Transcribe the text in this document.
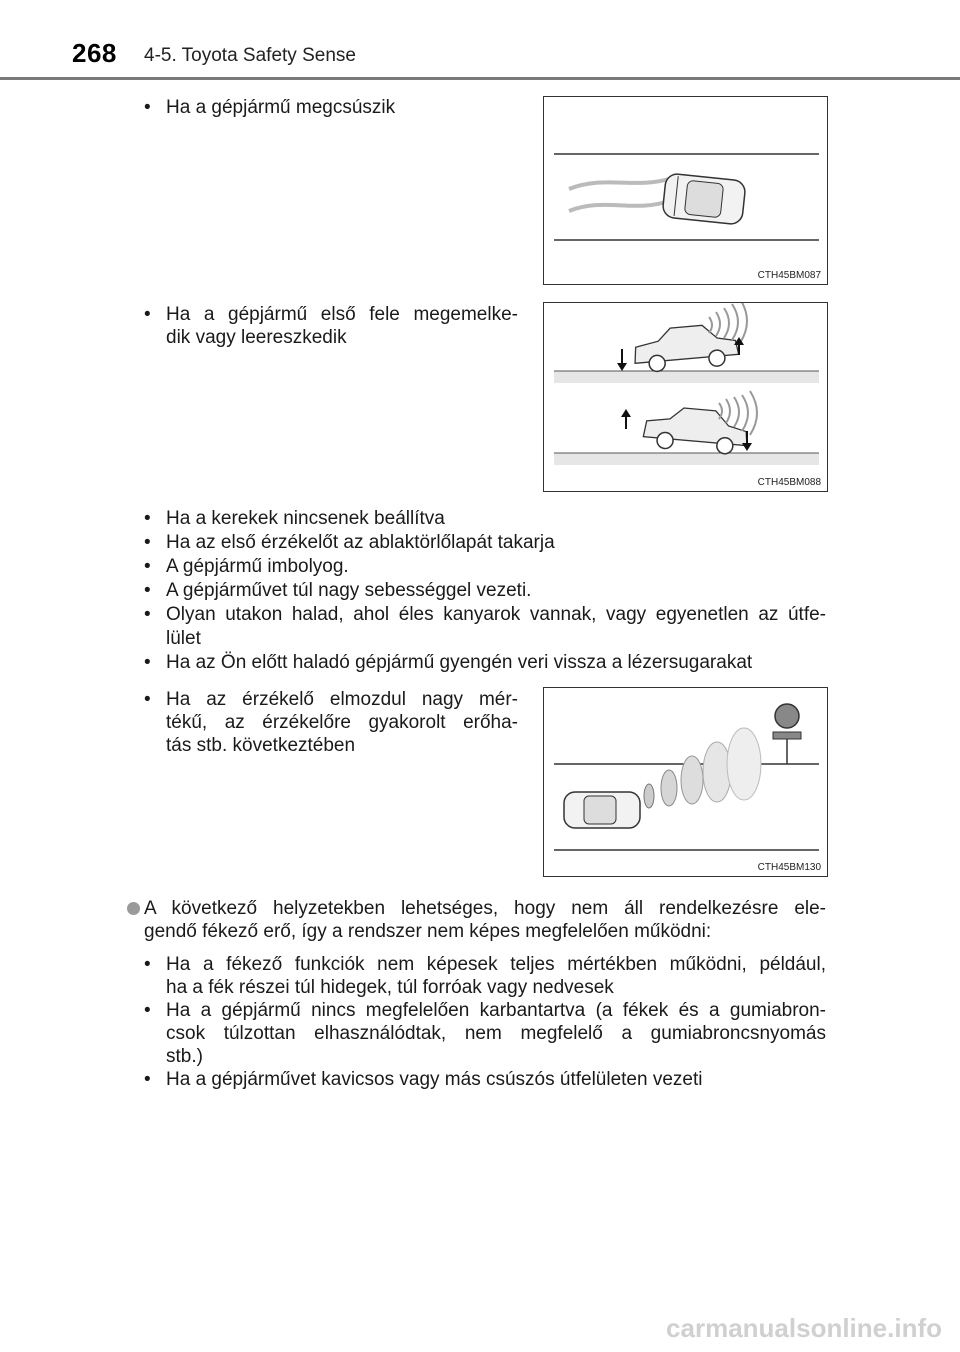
268 4-5. Toyota Safety Sense
• Ha a gépjármű megcsúszik
CTH45BM087
• Ha a gépjármű első fele megemelke-
dik vagy leereszkedik
CTH45BM088
• Ha a kerekek nincsenek beállítva
• Ha az első érzékelőt az ablaktörlőlapát takarja
• A gépjármű imbolyog.
• A gépjárművet túl nagy sebességgel vezeti.
• Olyan utakon halad, ahol éles kanyarok vannak, vagy egyenetlen az útfe-
lület
• Ha az Ön előtt haladó gépjármű gyengén veri vissza a lézersugarakat
• Ha az érzékelő elmozdul nagy mér-
tékű, az érzékelőre gyakorolt erőha-
tás stb. következtében
CTH45BM130
A következő helyzetekben lehetséges, hogy nem áll rendelkezésre ele-
gendő fékező erő, így a rendszer nem képes megfelelően működni:
• Ha a fékező funkciók nem képesek teljes mértékben működni, például,
ha a fék részei túl hidegek, túl forróak vagy nedvesek
• Ha a gépjármű nincs megfelelően karbantartva (a fékek és a gumiabron-
csok túlzottan elhasználódtak, nem megfelelő a gumiabroncsnyomás
stb.)
• Ha a gépjárművet kavicsos vagy más csúszós útfelületen vezeti
carmanualsonline.info
